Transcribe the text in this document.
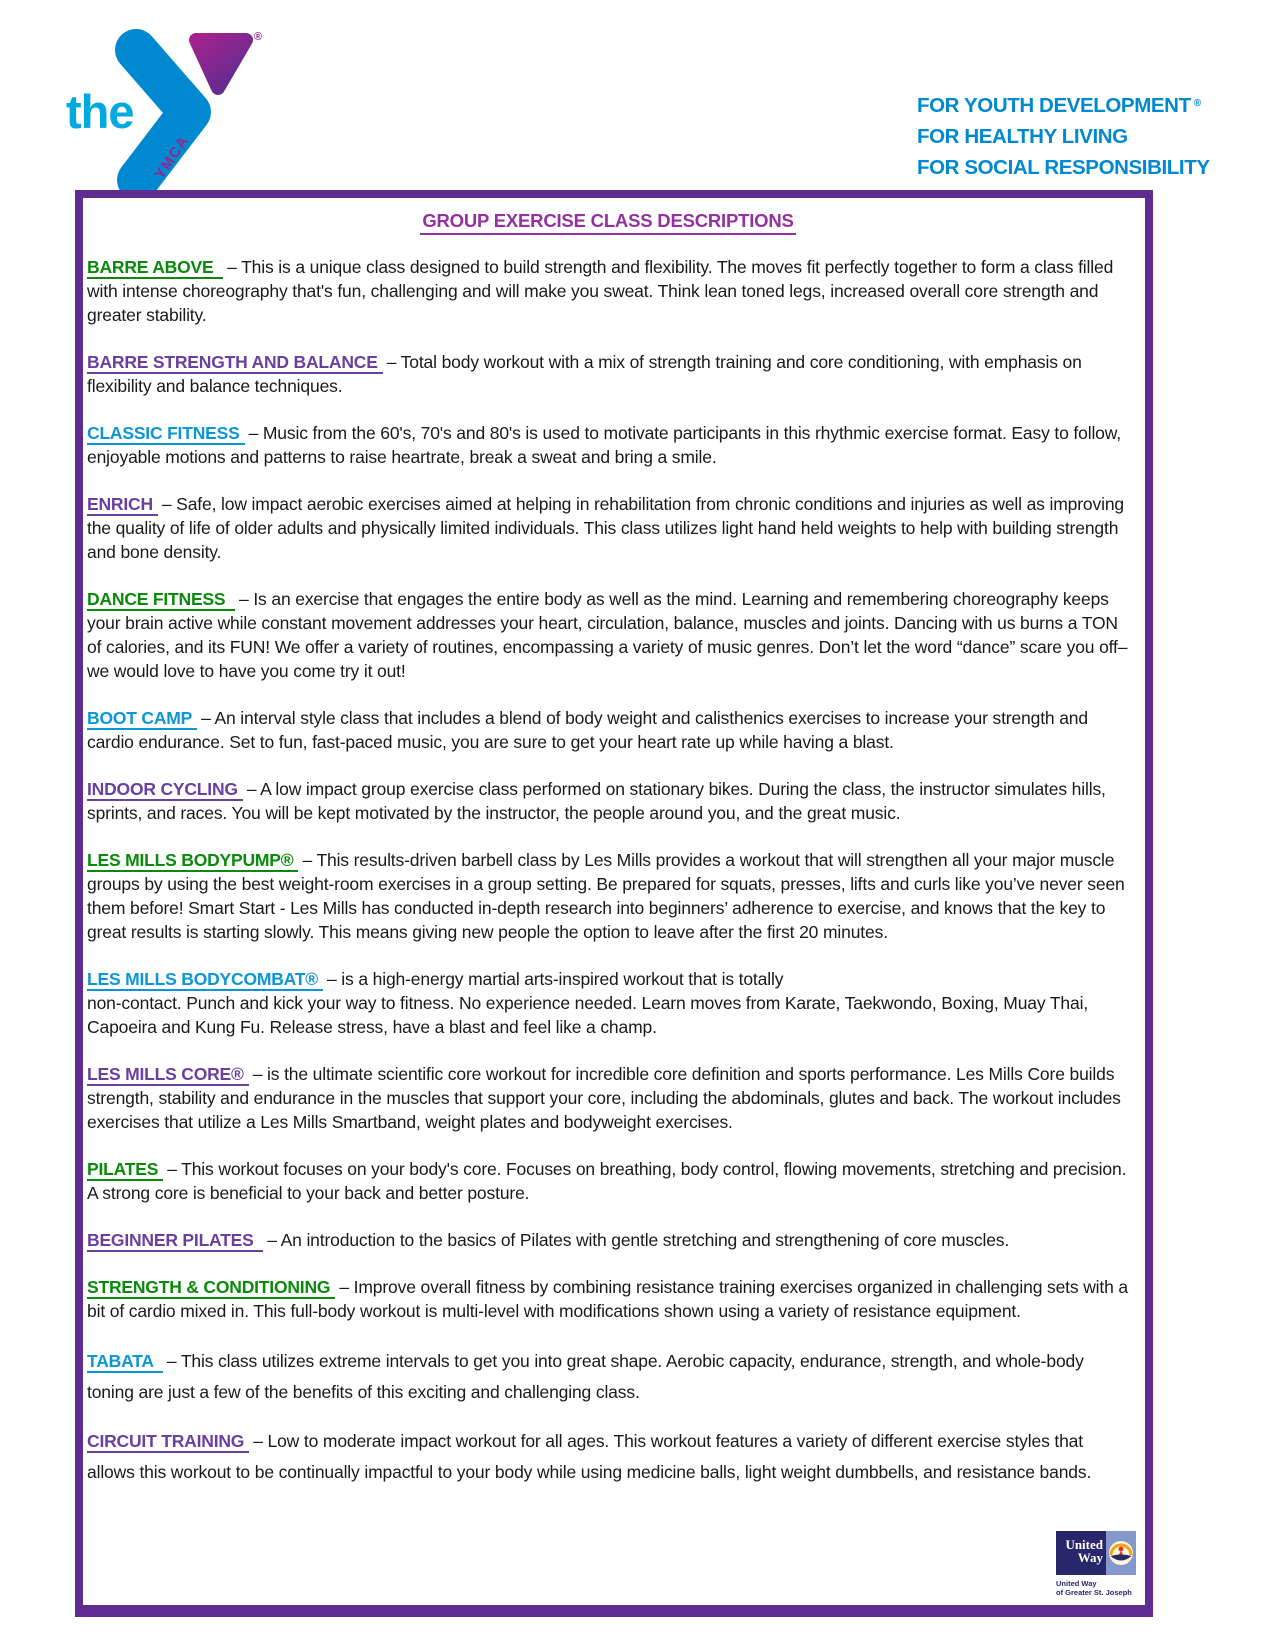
the
®
YMCA
FOR YOUTH DEVELOPMENT ®
FOR HEALTHY LIVING
FOR SOCIAL RESPONSIBILITY
GROUP EXERCISE CLASS DESCRIPTIONS

BARRE ABOVE – This is a unique class designed to build strength and flexibility. The moves fit perfectly together to form a class filled with intense choreography that's fun, challenging and will make you sweat. Think lean toned legs, increased overall core strength and greater stability.

BARRE STRENGTH AND BALANCE – Total body workout with a mix of strength training and core conditioning, with emphasis on flexibility and balance techniques.

CLASSIC FITNESS – Music from the 60's, 70's and 80's is used to motivate participants in this rhythmic exercise format. Easy to follow, enjoyable motions and patterns to raise heartrate, break a sweat and bring a smile.

ENRICH – Safe, low impact aerobic exercises aimed at helping in rehabilitation from chronic conditions and injuries as well as improving the quality of life of older adults and physically limited individuals. This class utilizes light hand held weights to help with building strength and bone density.

DANCE FITNESS – Is an exercise that engages the entire body as well as the mind. Learning and remembering choreography keeps your brain active while constant movement addresses your heart, circulation, balance, muscles and joints. Dancing with us burns a TON of calories, and its FUN! We offer a variety of routines, encompassing a variety of music genres. Don’t let the word “dance” scare you off– we would love to have you come try it out!

BOOT CAMP – An interval style class that includes a blend of body weight and calisthenics exercises to increase your strength and cardio endurance. Set to fun, fast-paced music, you are sure to get your heart rate up while having a blast.

INDOOR CYCLING – A low impact group exercise class performed on stationary bikes. During the class, the instructor simulates hills, sprints, and races. You will be kept motivated by the instructor, the people around you, and the great music.

LES MILLS BODYPUMP® – This results-driven barbell class by Les Mills provides a workout that will strengthen all your major muscle groups by using the best weight-room exercises in a group setting. Be prepared for squats, presses, lifts and curls like you’ve never seen them before! Smart Start - Les Mills has conducted in-depth research into beginners’ adherence to exercise, and knows that the key to great results is starting slowly. This means giving new people the option to leave after the first 20 minutes.

LES MILLS BODYCOMBAT® – is a high-energy martial arts-inspired workout that is totally
non-contact. Punch and kick your way to fitness. No experience needed. Learn moves from Karate, Taekwondo, Boxing, Muay Thai, Capoeira and Kung Fu. Release stress, have a blast and feel like a champ.

LES MILLS CORE® – is the ultimate scientific core workout for incredible core definition and sports performance. Les Mills Core builds strength, stability and endurance in the muscles that support your core, including the abdominals, glutes and back. The workout includes exercises that utilize a Les Mills Smartband, weight plates and bodyweight exercises.

PILATES – This workout focuses on your body's core. Focuses on breathing, body control, flowing movements, stretching and precision. A strong core is beneficial to your back and better posture.

BEGINNER PILATES – An introduction to the basics of Pilates with gentle stretching and strengthening of core muscles.

STRENGTH & CONDITIONING – Improve overall fitness by combining resistance training exercises organized in challenging sets with a bit of cardio mixed in. This full-body workout is multi-level with modifications shown using a variety of resistance equipment.

TABATA – This class utilizes extreme intervals to get you into great shape. Aerobic capacity, endurance, strength, and whole-body toning are just a few of the benefits of this exciting and challenging class.

CIRCUIT TRAINING – Low to moderate impact workout for all ages. This workout features a variety of different exercise styles that allows this workout to be continually impactful to your body while using medicine balls, light weight dumbbells, and resistance bands.

United
Way
United Way
of Greater St. Joseph
